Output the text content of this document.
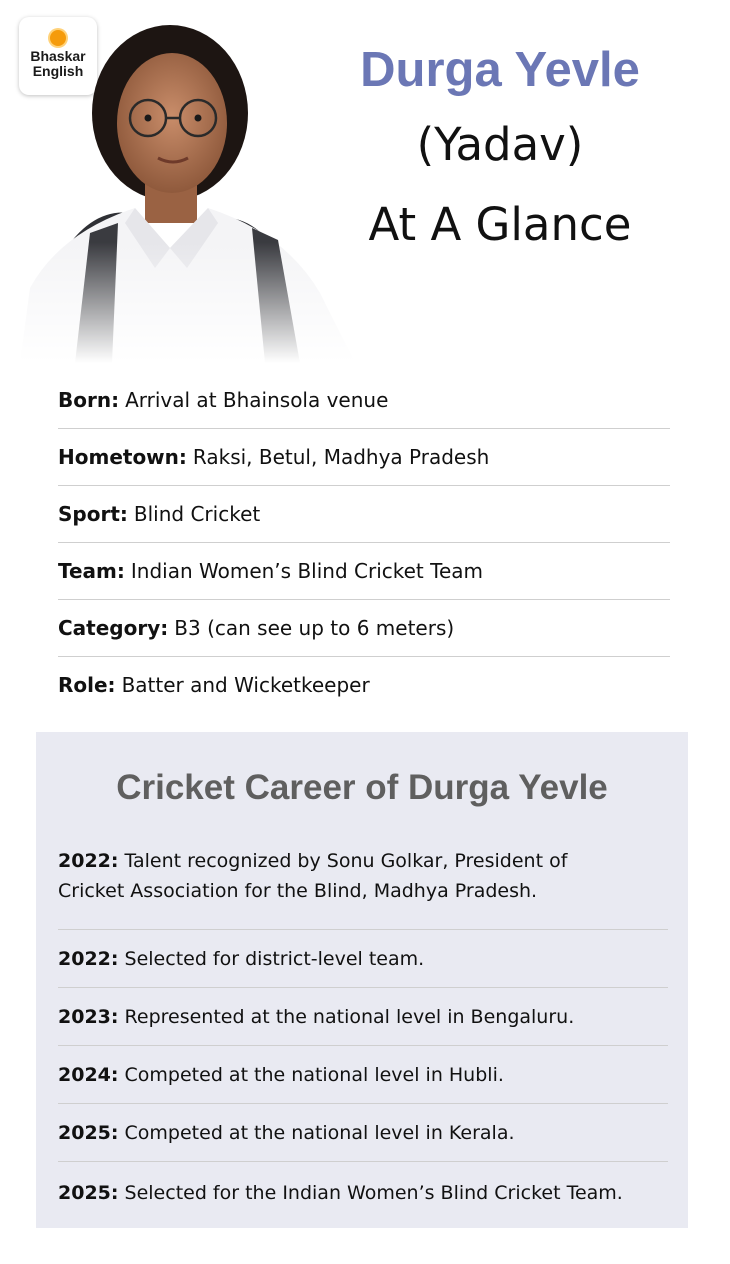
Durga Yevle
(Yadav)
At A Glance
Born: Arrival at Bhainsola venue
Hometown: Raksi, Betul, Madhya Pradesh
Sport: Blind Cricket
Team: Indian Women’s Blind Cricket Team
Category: B3 (can see up to 6 meters)
Role: Batter and Wicketkeeper
Cricket Career of Durga Yevle
2022: Talent recognized by Sonu Golkar, President of
Cricket Association for the Blind, Madhya Pradesh.
2022:
Selected for district-level team.
2023:
Represented at the national level in Bengaluru.
2024:
Competed at the national level in Hubli.
2025:
Competed at the national level in Kerala.
2025:
Selected for the Indian Women’s Blind Cricket Team.
